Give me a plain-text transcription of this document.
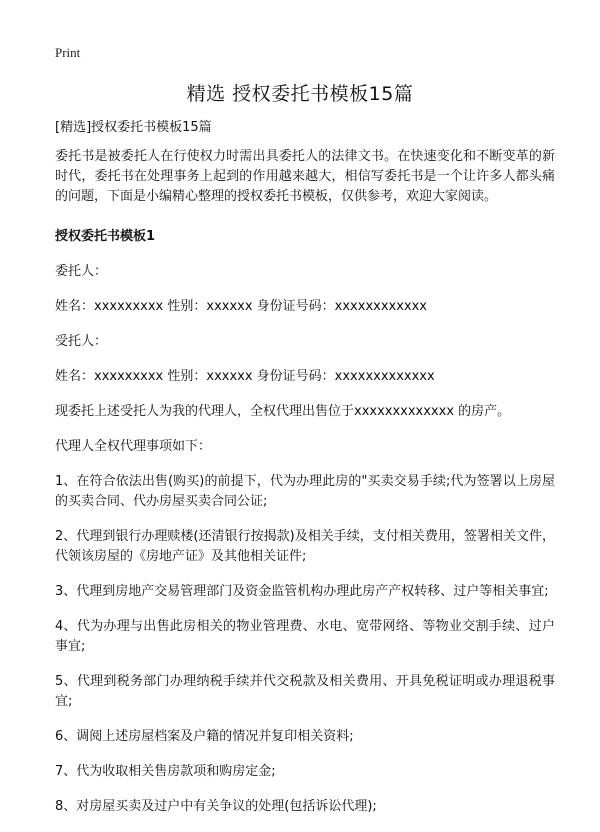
Print
精选 授权委托书模板15篇

[精选]授权委托书模板15篇

委托书是被委托人在行使权力时需出具委托人的法律文书。在快速变化和不断变革的新时代，委托书在处理事务上起到的作用越来越大，相信写委托书是一个让许多人都头痛的问题，下面是小编精心整理的授权委托书模板，仅供参考，欢迎大家阅读。

授权委托书模板1

委托人：

姓名：xxxxxxxxx 性别：xxxxxx 身份证号码：xxxxxxxxxxxx

受托人：

姓名：xxxxxxxxx 性别：xxxxxx 身份证号码：xxxxxxxxxxxxx

现委托上述受托人为我的代理人，全权代理出售位于xxxxxxxxxxxxx 的房产。

代理人全权代理事项如下：

1、在符合依法出售(购买)的前提下，代为办理此房的"买卖交易手续;代为签署以上房屋的买卖合同、代办房屋买卖合同公证;

2、代理到银行办理赎楼(还清银行按揭款)及相关手续，支付相关费用，签署相关文件，代领该房屋的《房地产证》及其他相关证件;

3、代理到房地产交易管理部门及资金监管机构办理此房产产权转移、过户等相关事宜;

4、代为办理与出售此房相关的物业管理费、水电、宽带网络、等物业交割手续、过户事宜;

5、代理到税务部门办理纳税手续并代交税款及相关费用、开具免税证明或办理退税事宜;

6、调阅上述房屋档案及户籍的情况并复印相关资料;

7、代为收取相关售房款项和购房定金;

8、对房屋买卖及过户中有关争议的处理(包括诉讼代理);
